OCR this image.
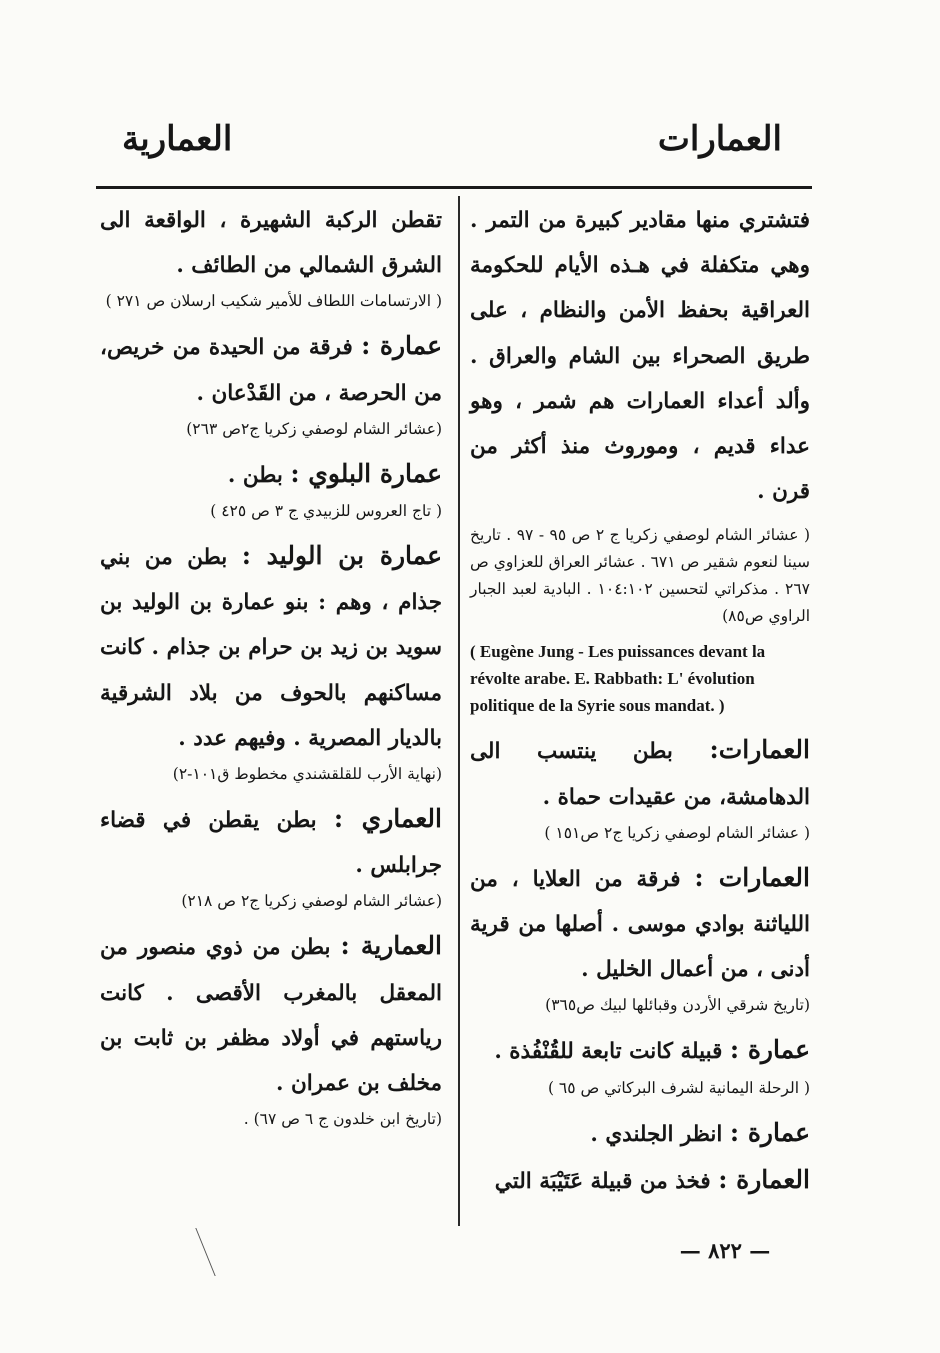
العمارات
العمارية

فتشتري منها مقادير كبيرة من التمر . وهي متكفلة في هـذه الأيام للحكومة العراقية بحفظ الأمن والنظام ، على طريق الصحراء بين الشام والعراق . وألد أعداء العمارات هم شمر ، وهو عداء قديم ، وموروث منذ أكثر من قرن .

( عشائر الشام لوصفي زكريا ج ٢ ص ٩٥ - ٩٧ . تاريخ سينا لنعوم شقير ص ٦٧١ . عشائر العراق للعزاوي ص ٢٦٧ . مذكراتي لتحسين ١٠٤:١٠٢ . البادية لعبد الجبار الراوي ص٨٥)

( Eugène Jung - Les puissances devant la révolte arabe. E. Rabbath: L' évolution politique de la Syrie sous mandat. )

العمارات: بطن ينتسب الى الدهامشة، من عقيدات حماة .

( عشائر الشام لوصفي زكريا ج٢ ص١٥١ )

العمارات : فرقة من العلايا ، من اللياثنة بوادي موسى . أصلها من قرية أدنى ، من أعمال الخليل .

(تاريخ شرقي الأردن وقبائلها لبيك ص٣٦٥)

عمارة : قبيلة كانت تابعة للقُنْفُذة .

( الرحلة اليمانية لشرف البركاتي ص ٦٥ )

عمارة : انظر الجلندي .

العمارة : فخذ من قبيلة عَتَيْبَة التي

تقطن الركبة الشهيرة ، الواقعة الى الشرق الشمالي من الطائف .

( الارتسامات اللطاف للأمير شكيب ارسلان ص ٢٧١ )

عمارة : فرقة من الحيدة من خريص، من الحرصة ، من القَدْعان .

(عشائر الشام لوصفي زكريا ج٢ص ٢٦٣)

عمارة البلوي : بطن .

( تاج العروس للزبيدي ج ٣ ص ٤٢٥ )

عمارة بن الوليد : بطن من بني جذام ، وهم : بنو عمارة بن الوليد بن سويد بن زيد بن حرام بن جذام . كانت مساكنهم بالحوف من بلاد الشرقية بالديار المصرية . وفيهم عدد .

(نهاية الأرب للقلقشندي مخطوط ق١٠١-٢)

العماري : بطن يقطن في قضاء جرابلس .

(عشائر الشام لوصفي زكريا ج٢ ص ٢١٨)

العمارية : بطن من ذوي منصور من المعقل بالمغرب الأقصى . كانت رياستهم في أولاد مظفر بن ثابت بن مخلف بن عمران .

(تاريخ ابن خلدون ج ٦ ص ٦٧) .

— ٨٢٢ —
